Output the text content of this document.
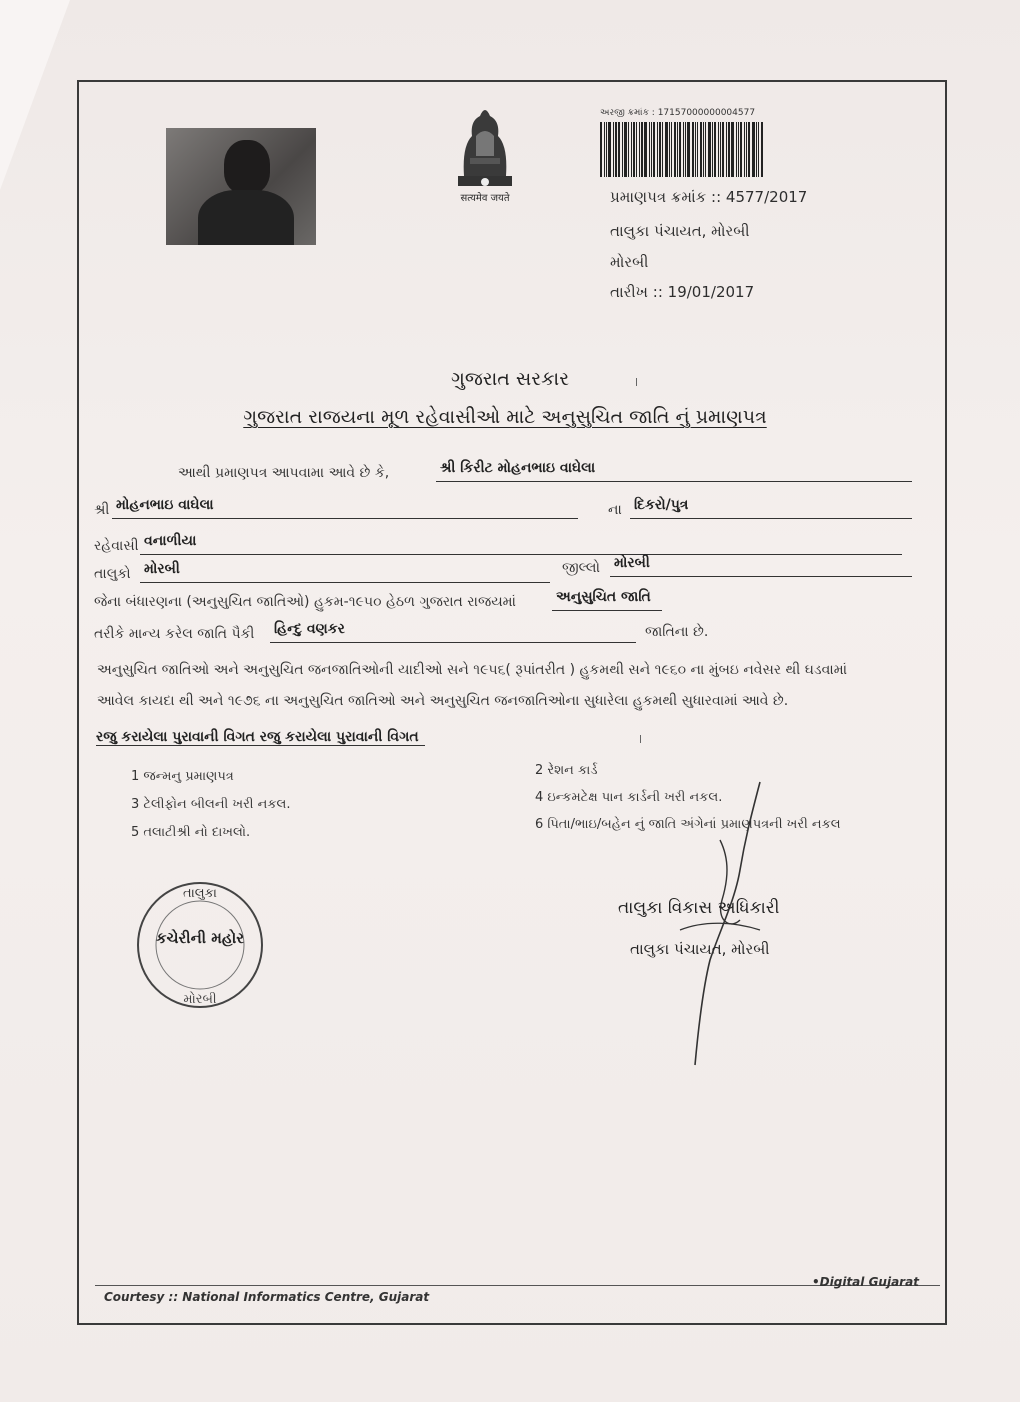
सत्यमेव जयते
અરજી ક્રમાંક : 17157000000004577
પ્રમાણપત્ર ક્રમાંક :: 4577/2017
તાલુકા પંચાયત, મોરબી
મોરબી
તારીખ :: 19/01/2017
ગુજરાત સરકાર
ગુજરાત રાજયના મૂળ રહેવાસીઓ માટે અનુસુચિત જાતિ નું પ્રમાણપત્ર
આથી પ્રમાણપત્ર આપવામા આવે છે કે,	શ્રી કિરીટ મોહનભાઇ વાઘેલા
શ્રી મોહનભાઇ વાઘેલા	ના દિકરો/પુત્ર
રહેવાસી વનાળીયા
તાલુકો મોરબી	જીલ્લો મોરબી
જેના બંધારણના (અનુસુચિત જાતિઓ) હુકમ-૧૯૫૦ હેઠળ ગુજરાત રાજયમાં	અનુસુચિત જાતિ
તરીકે માન્ય કરેલ જાતિ પૈકી હિન્દુ વણકર	જાતિના છે.
અનુસુચિત જાતિઓ અને અનુસુચિત જનજાતિઓની યાદીઓ સને ૧૯૫૬( રૂપાંતરીત ) હુકમથી સને ૧૯૬૦ ના મુંબઇ નવેસર થી ઘડવામાં
આવેલ કાયદા થી અને ૧૯૭૬ ના અનુસુચિત જાતિઓ અને અનુસુચિત જનજાતિઓના સુધારેલા હુકમથી સુધારવામાં આવે છે.
રજુ કરાયેલા પુરાવાની વિગત રજુ કરાયેલા પુરાવાની વિગત
1 જન્મનુ પ્રમાણપત્ર	2 રેશન કાર્ડ
3 ટેલીફોન બીલની ખરી નકલ.	4 ઇન્કમટેક્ષ પાન કાર્ડની ખરી નકલ.
5 તલાટીશ્રી નો દાખલો.
6 પિતા/ભાઇ/બહેન નું જાતિ અંગેનાં પ્રમાણપત્રની ખરી નકલ
તાલુકા
કચેરીની મહોર
મોરબી
તાલુકા વિકાસ અધિકારી
તાલુકા પંચાયત, મોરબી
Courtesy :: National Informatics Centre, Gujarat
•Digital Gujarat
